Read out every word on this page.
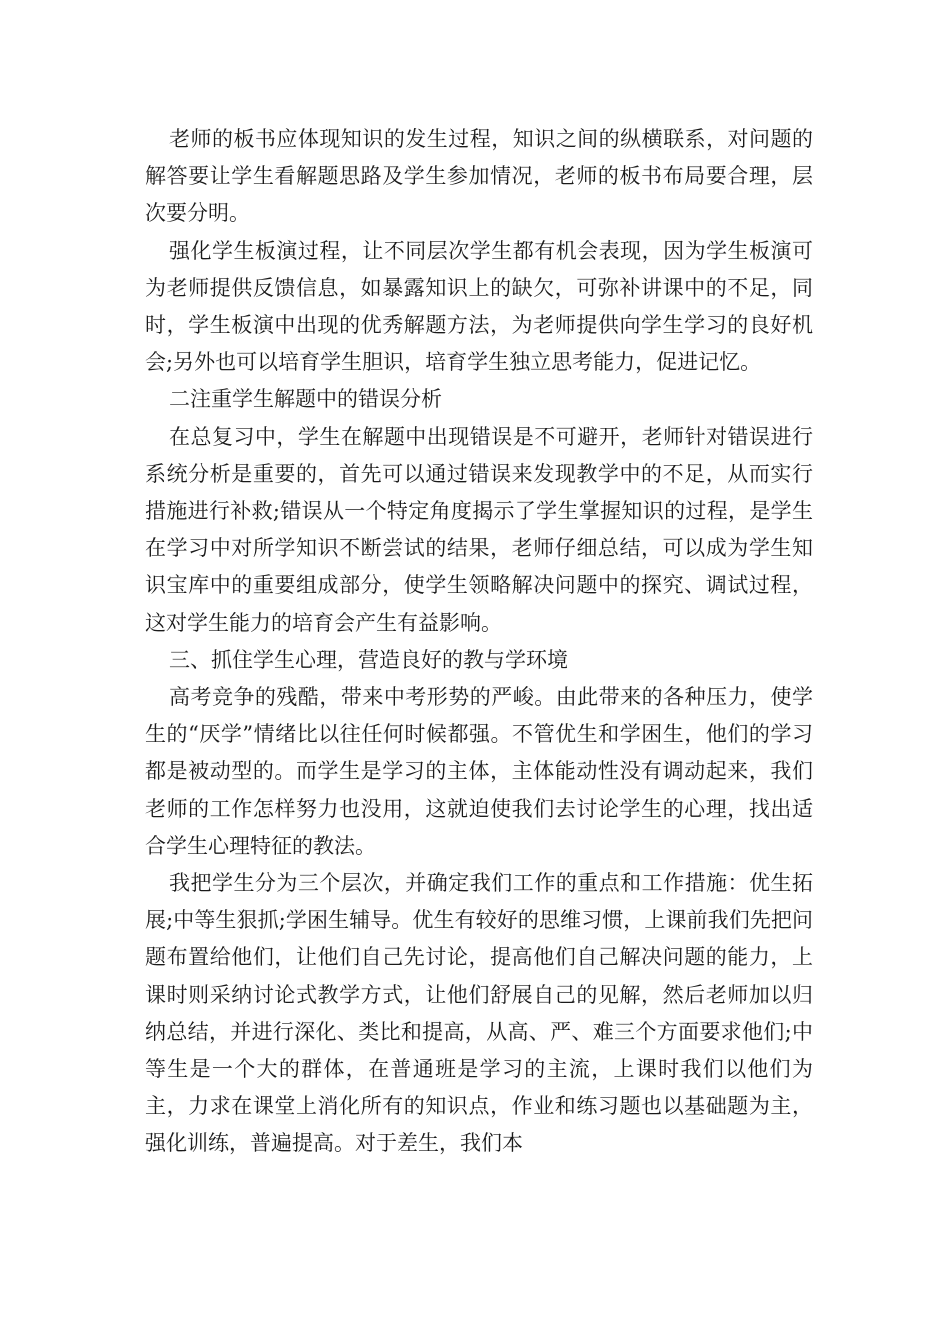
老师的板书应体现知识的发生过程，知识之间的纵横联系，对问题的解答要让学生看解题思路及学生参加情况，老师的板书布局要合理，层次要分明。

强化学生板演过程，让不同层次学生都有机会表现，因为学生板演可为老师提供反馈信息，如暴露知识上的缺欠，可弥补讲课中的不足，同时，学生板演中出现的优秀解题方法，为老师提供向学生学习的良好机会;另外也可以培育学生胆识，培育学生独立思考能力，促进记忆。

二注重学生解题中的错误分析

在总复习中，学生在解题中出现错误是不可避开，老师针对错误进行系统分析是重要的，首先可以通过错误来发现教学中的不足，从而实行措施进行补救;错误从一个特定角度揭示了学生掌握知识的过程，是学生在学习中对所学知识不断尝试的结果，老师仔细总结，可以成为学生知识宝库中的重要组成部分，使学生领略解决问题中的探究、调试过程，这对学生能力的培育会产生有益影响。

三、抓住学生心理，营造良好的教与学环境

高考竞争的残酷，带来中考形势的严峻。由此带来的各种压力，使学生的“厌学”情绪比以往任何时候都强。不管优生和学困生，他们的学习都是被动型的。而学生是学习的主体，主体能动性没有调动起来，我们老师的工作怎样努力也没用，这就迫使我们去讨论学生的心理，找出适合学生心理特征的教法。

我把学生分为三个层次，并确定我们工作的重点和工作措施：优生拓展;中等生狠抓;学困生辅导。优生有较好的思维习惯，上课前我们先把问题布置给他们，让他们自己先讨论，提高他们自己解决问题的能力，上课时则采纳讨论式教学方式，让他们舒展自己的见解，然后老师加以归纳总结，并进行深化、类比和提高，从高、严、难三个方面要求他们;中等生是一个大的群体，在普通班是学习的主流，上课时我们以他们为主，力求在课堂上消化所有的知识点，作业和练习题也以基础题为主，强化训练，普遍提高。对于差生，我们本
